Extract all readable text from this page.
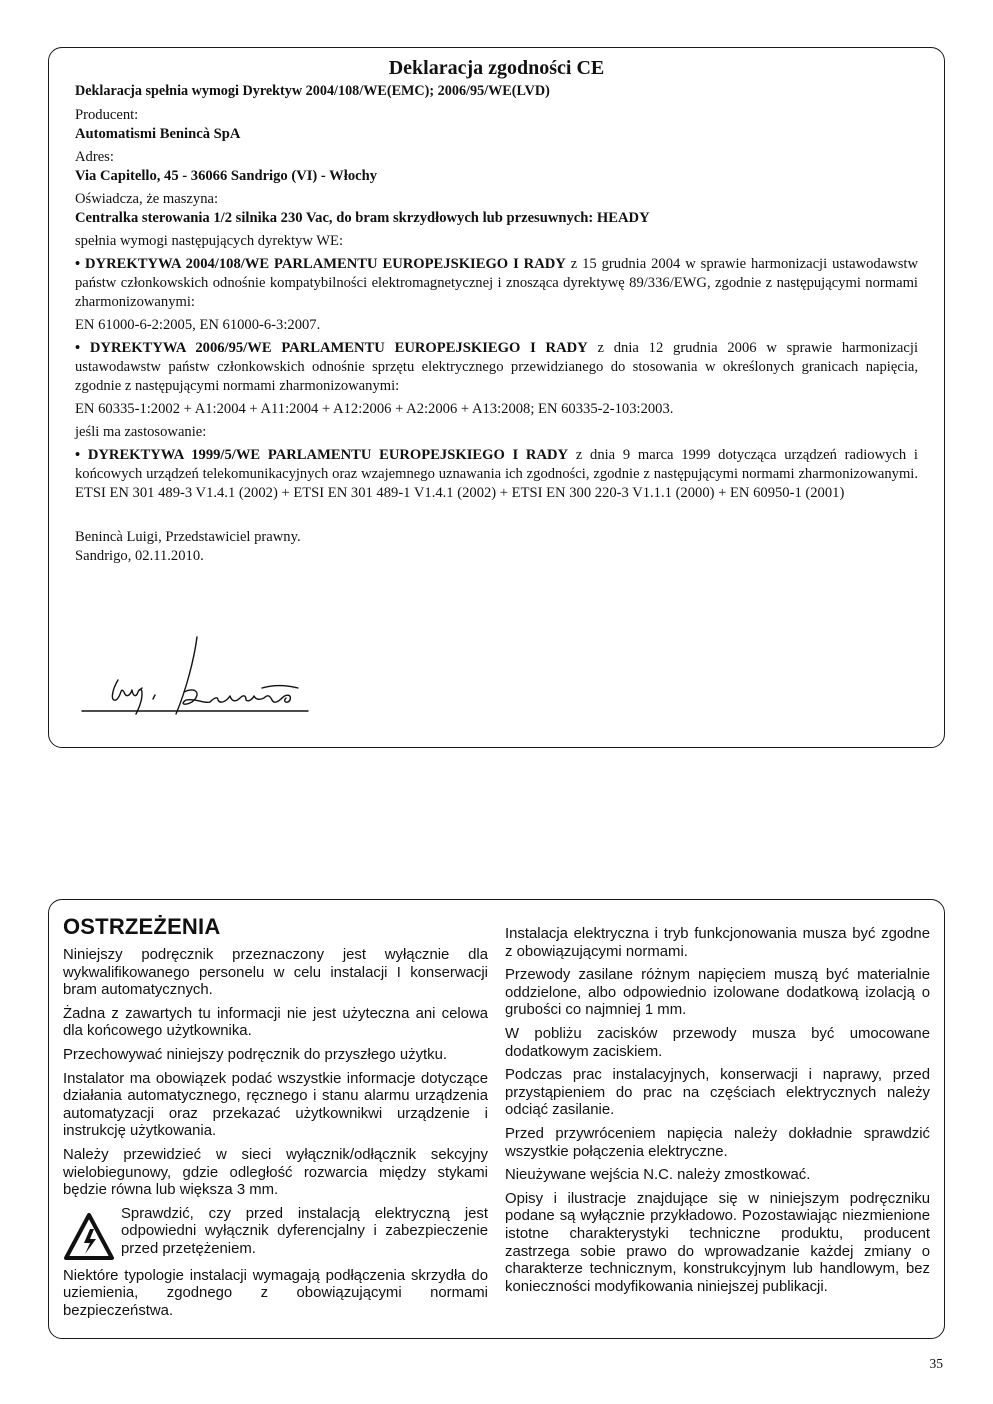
Deklaracja zgodności CE
Deklaracja spełnia wymogi Dyrektyw 2004/108/WE(EMC); 2006/95/WE(LVD)
Producent:
Automatismi Benincà SpA
Adres:
Via Capitello, 45 - 36066 Sandrigo (VI) - Włochy
Oświadcza, że maszyna:
Centralka sterowania 1/2 silnika 230 Vac, do bram skrzydłowych lub przesuwnych: HEADY
spełnia wymogi następujących dyrektyw WE:
• DYREKTYWA 2004/108/WE PARLAMENTU EUROPEJSKIEGO I RADY z 15 grudnia 2004 w sprawie harmonizacji ustawodawstw państw członkowskich odnośnie kompatybilności elektromagnetycznej i znosząca dyrektywę 89/336/EWG, zgodnie z następującymi normami zharmonizowanymi:
EN 61000-6-2:2005, EN 61000-6-3:2007.
• DYREKTYWA 2006/95/WE PARLAMENTU EUROPEJSKIEGO I RADY z dnia 12 grudnia 2006 w sprawie harmonizacji ustawodawstw państw członkowskich odnośnie sprzętu elektrycznego przewidzianego do stosowania w określonych granicach napięcia, zgodnie z następującymi normami zharmonizowanymi:
EN 60335-1:2002 + A1:2004 + A11:2004 + A12:2006 + A2:2006 + A13:2008; EN 60335-2-103:2003.
jeśli ma zastosowanie:
• DYREKTYWA 1999/5/WE PARLAMENTU EUROPEJSKIEGO I RADY z dnia 9 marca 1999 dotycząca urządzeń radiowych i końcowych urządzeń telekomunikacyjnych oraz wzajemnego uznawania ich zgodności, zgodnie z następującymi normami zharmonizowanymi. ETSI EN 301 489-3 V1.4.1 (2002) + ETSI EN 301 489-1 V1.4.1 (2002) + ETSI EN 300 220-3 V1.1.1 (2000) + EN 60950-1 (2001)
Benincà Luigi, Przedstawiciel prawny.
Sandrigo, 02.11.2010.
OSTRZEŻENIA
Niniejszy podręcznik przeznaczony jest wyłącznie dla wykwalifikowanego personelu w celu instalacji I konserwacji bram automatycznych.
Żadna z zawartych tu informacji nie jest użyteczna ani celowa dla końcowego użytkownika.
Przechowywać niniejszy podręcznik do przyszłego użytku.
Instalator ma obowiązek podać wszystkie informacje dotyczące działania automatycznego, ręcznego i stanu alarmu urządzenia automatyzacji oraz przekazać użytkownikwi urządzenie i instrukcję użytkowania.
Należy przewidzieć w sieci wyłącznik/odłącznik sekcyjny wielobiegunowy, gdzie odległość rozwarcia między stykami będzie równa lub większa 3 mm.
Sprawdzić, czy przed instalacją elektryczną jest odpowiedni wyłącznik dyferencjalny i zabezpieczenie przed przetężeniem.
Niektóre typologie instalacji wymagają podłączenia skrzydła do uziemienia, zgodnego z obowiązującymi normami bezpieczeństwa.
Instalacja elektryczna i tryb funkcjonowania musza być zgodne z obowiązującymi normami.
Przewody zasilane różnym napięciem muszą być materialnie oddzielone, albo odpowiednio izolowane dodatkową izolacją o grubości co najmniej 1 mm.
W pobliżu zacisków przewody musza być umocowane dodatkowym zaciskiem.
Podczas prac instalacyjnych, konserwacji i naprawy, przed przystąpieniem do prac na częściach elektrycznych należy odciąć zasilanie.
Przed przywróceniem napięcia należy dokładnie sprawdzić wszystkie połączenia elektryczne.
Nieużywane wejścia N.C. należy zmostkować.
Opisy i ilustracje znajdujące się w niniejszym podręczniku podane są wyłącznie przykładowo. Pozostawiając niezmienione istotne charakterystyki techniczne produktu, producent zastrzega sobie prawo do wprowadzanie każdej zmiany o charakterze technicznym, konstrukcyjnym lub handlowym, bez konieczności modyfikowania niniejszej publikacji.
35
